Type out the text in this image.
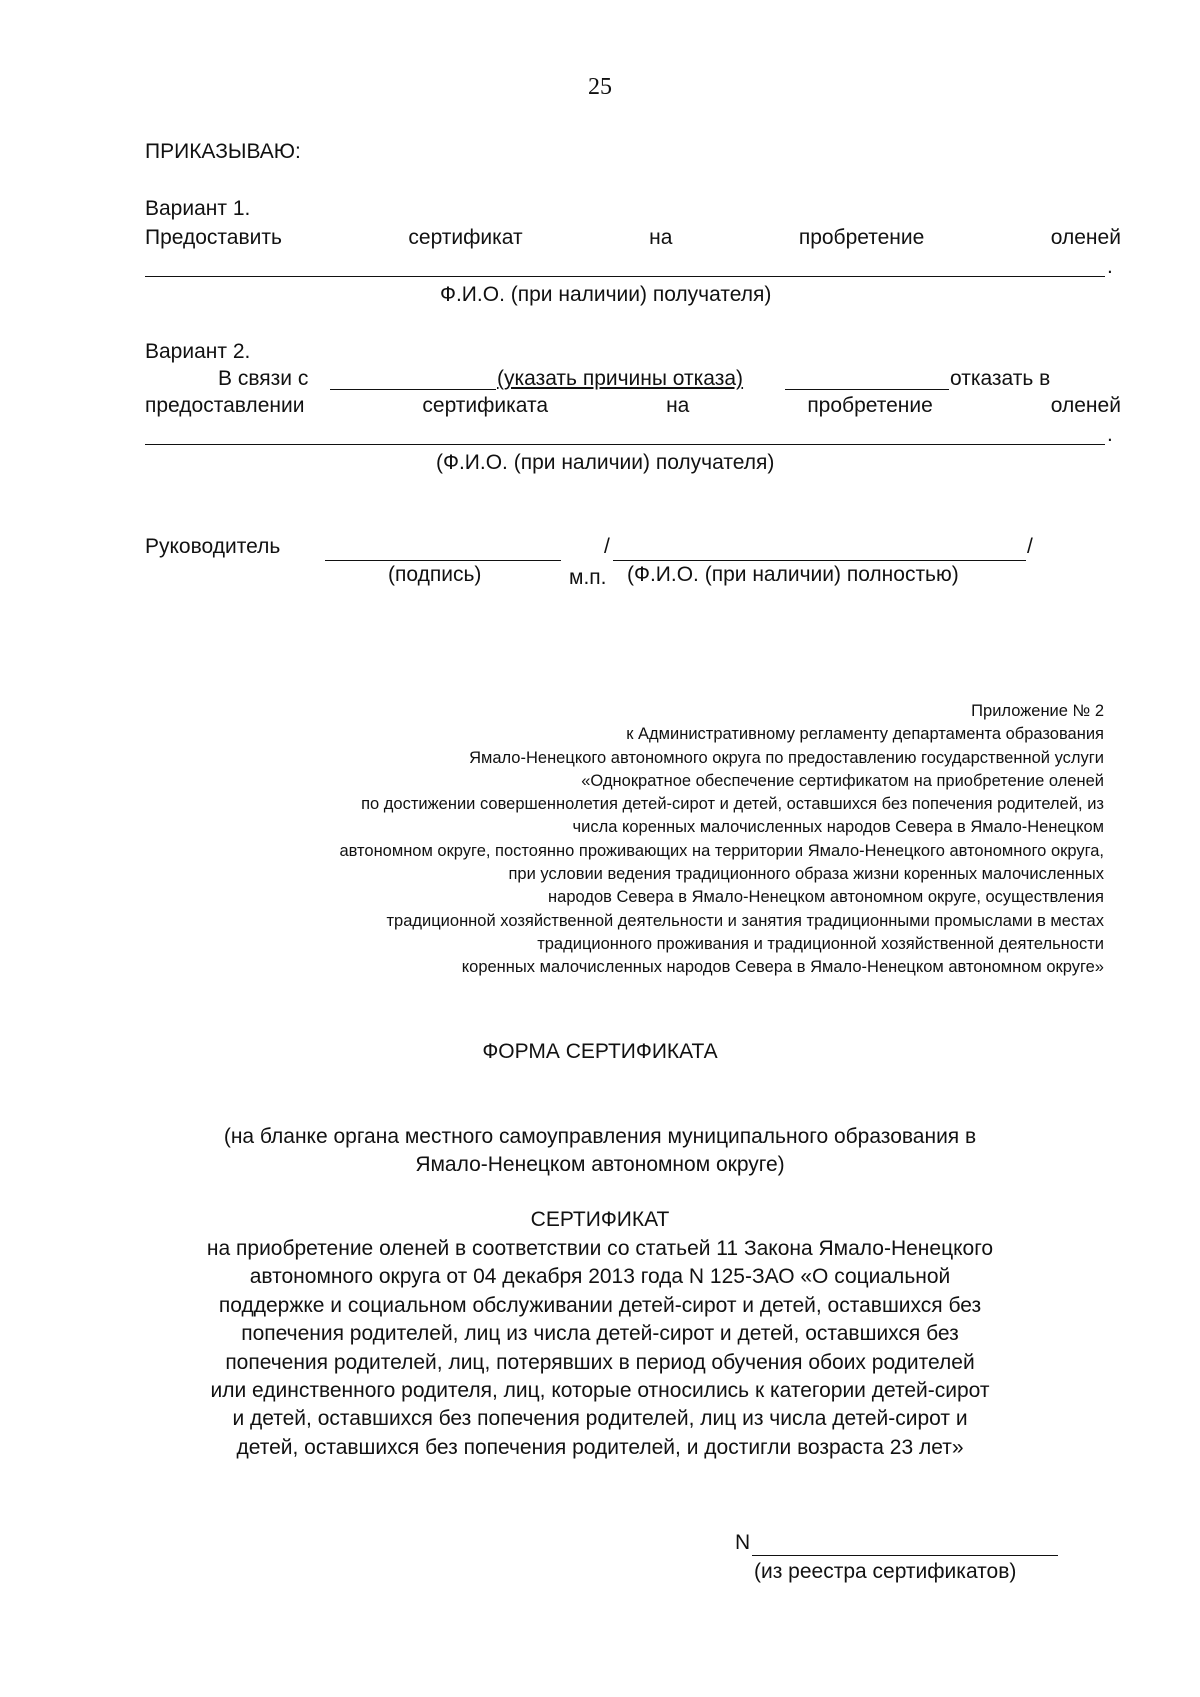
25
ПРИКАЗЫВАЮ:
Вариант 1.
Предоставить	сертификат	на	пробретение	оленей
.
Ф.И.О. (при наличии) получателя)
Вариант 2.
В связи с	(указать причины отказа)	отказать в
предоставлении	сертификата	на	пробретение	оленей
.
(Ф.И.О. (при наличии) получателя)
Руководитель	/	/
(подпись)	м.п. (Ф.И.О. (при наличии) полностью)
Приложение № 2
к Административному регламенту департамента образования
Ямало-Ненецкого автономного округа по предоставлению государственной услуги
«Однократное обеспечение сертификатом на приобретение оленей
по достижении совершеннолетия детей-сирот и детей, оставшихся без попечения родителей, из
числа коренных малочисленных народов Севера в Ямало-Ненецком
автономном округе, постоянно проживающих на территории Ямало-Ненецкого автономного округа,
при условии ведения традиционного образа жизни коренных малочисленных
народов Севера в Ямало-Ненецком автономном округе, осуществления
традиционной хозяйственной деятельности и занятия традиционными промыслами в местах
традиционного проживания и традиционной хозяйственной деятельности
коренных малочисленных народов Севера в Ямало-Ненецком автономном округе»
ФОРМА СЕРТИФИКАТА
(на бланке органа местного самоуправления муниципального образования в
Ямало-Ненецком автономном округе)
СЕРТИФИКАТ
на приобретение оленей в соответствии со статьей 11 Закона Ямало-Ненецкого
автономного округа от 04 декабря 2013 года N 125-ЗАО «О социальной
поддержке и социальном обслуживании детей-сирот и детей, оставшихся без
попечения родителей, лиц из числа детей-сирот и детей, оставшихся без
попечения родителей, лиц, потерявших в период обучения обоих родителей
или единственного родителя, лиц, которые относились к категории детей-сирот
и детей, оставшихся без попечения родителей, лиц из числа детей-сирот и
детей, оставшихся без попечения родителей, и достигли возраста 23 лет»
N
(из реестра сертификатов)
